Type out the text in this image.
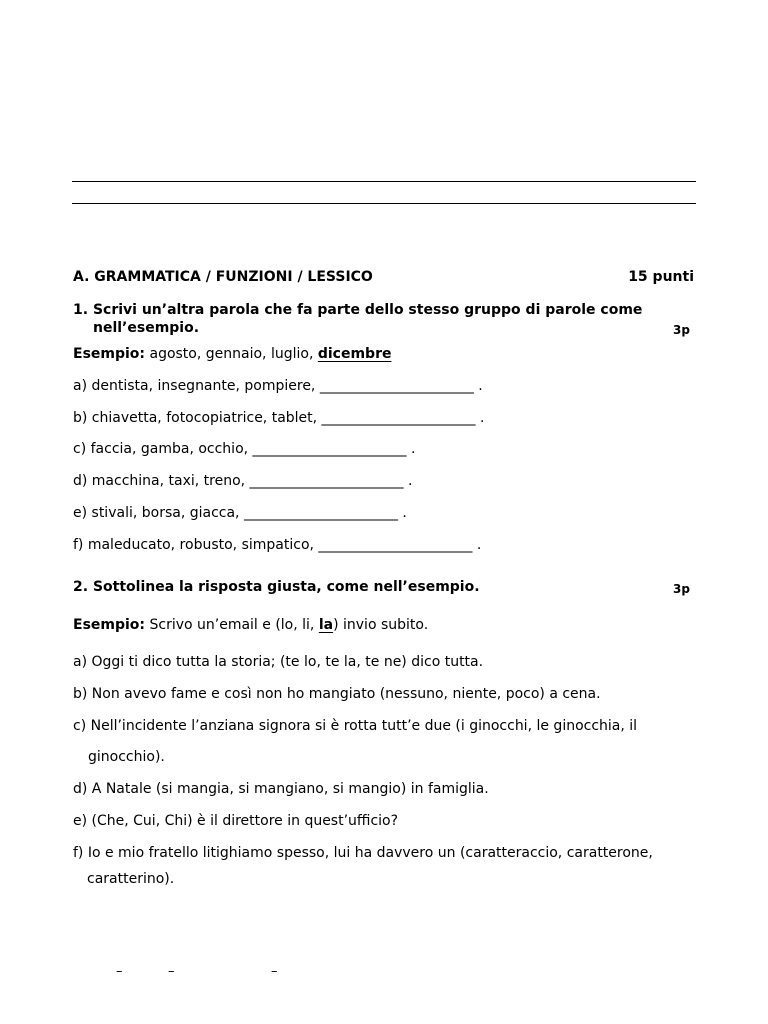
A. GRAMMATICA / FUNZIONI / LESSICO	15 punti
1. Scrivi un’altra parola che fa parte dello stesso gruppo di parole come
nell’esempio.	3p
Esempio: agosto, gennaio, luglio, dicembre
a) dentista, insegnante, pompiere, ______________________ .
b) chiavetta, fotocopiatrice, tablet, ______________________ .
c) faccia, gamba, occhio, ______________________ .
d) macchina, taxi, treno, ______________________ .
e) stivali, borsa, giacca, ______________________ .
f) maleducato, robusto, simpatico, ______________________ .
2. Sottolinea la risposta giusta, come nell’esempio.	3p
Esempio: Scrivo un’email e (lo, li, la) invio subito.
a) Oggi ti dico tutta la storia; (te lo, te la, te ne) dico tutta.
b) Non avevo fame e così non ho mangiato (nessuno, niente, poco) a cena.
c) Nell’incidente l’anziana signora si è rotta tutt’e due (i ginocchi, le ginocchia, il
ginocchio).
d) A Natale (si mangia, si mangiano, si mangio) in famiglia.
e) (Che, Cui, Chi) è il direttore in quest’ufficio?
f) Io e mio fratello litighiamo spesso, lui ha davvero un (caratteraccio, caratterone,
caratterino).
–	–	–
